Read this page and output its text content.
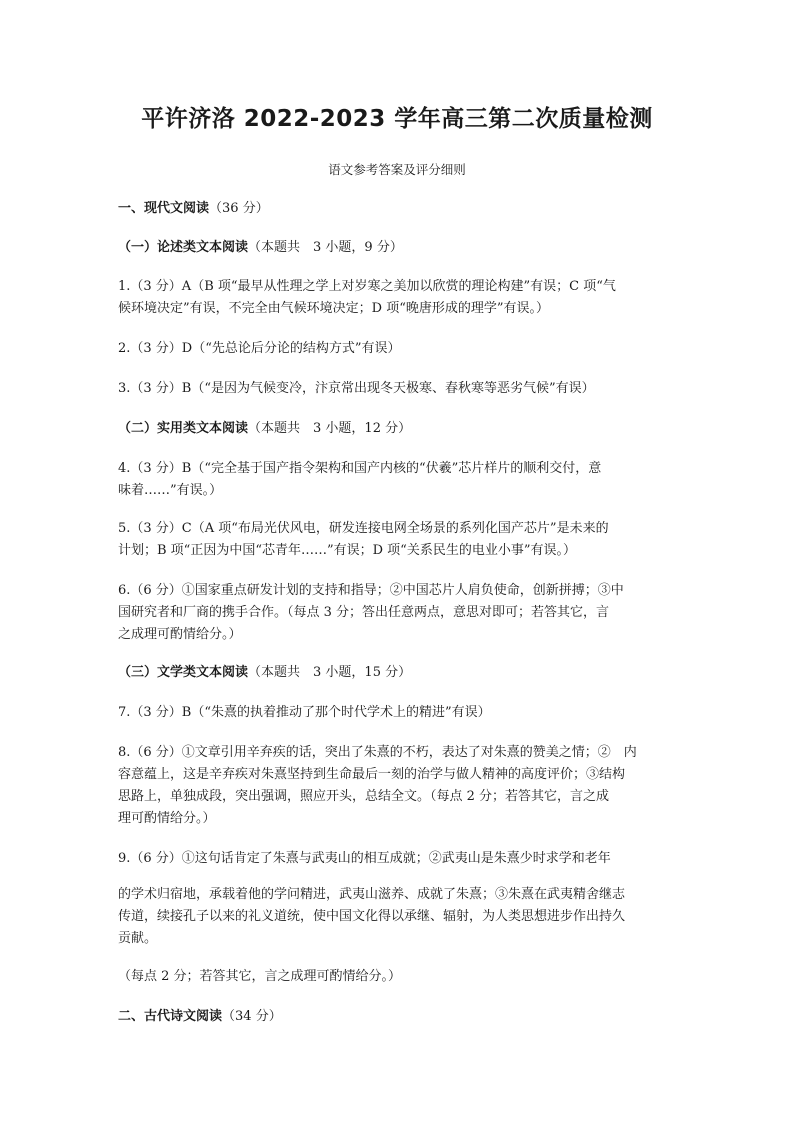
平许济洛 2022-2023 学年高三第二次质量检测
语文参考答案及评分细则
一、现代文阅读（36 分）
（一）论述类文本阅读（本题共　3 小题，9 分）
1.（3 分）A（B 项“最早从性理之学上对岁寒之美加以欣赏的理论构建”有误；C 项“气
候环境决定”有误，不完全由气候环境决定；D 项“晚唐形成的理学”有误。）
2.（3 分）D（“先总论后分论的结构方式”有误）
3.（3 分）B（“是因为气候变冷，汴京常出现冬天极寒、春秋寒等恶劣气候”有误）
（二）实用类文本阅读（本题共　3 小题，12 分）
4.（3 分）B（“完全基于国产指令架构和国产内核的“伏羲”芯片样片的顺利交付，意
味着……”有误。）
5.（3 分）C（A 项“布局光伏风电，研发连接电网全场景的系列化国产芯片”是未来的
计划；B 项“正因为中国“芯青年……”有误；D 项“关系民生的电业小事”有误。）
6.（6 分）①国家重点研发计划的支持和指导；②中国芯片人肩负使命，创新拼搏；③中
国研究者和厂商的携手合作。（每点 3 分；答出任意两点，意思对即可；若答其它，言
之成理可酌情给分。）
（三）文学类文本阅读（本题共　3 小题，15 分）
7.（3 分）B（“朱熹的执着推动了那个时代学术上的精进”有误）
8.（6 分）①文章引用辛弃疾的话，突出了朱熹的不朽，表达了对朱熹的赞美之情；②　内
容意蕴上，这是辛弃疾对朱熹坚持到生命最后一刻的治学与做人精神的高度评价；③结构
思路上，单独成段，突出强调，照应开头，总结全文。（每点 2 分；若答其它，言之成
理可酌情给分。）
9.（6 分）①这句话肯定了朱熹与武夷山的相互成就；②武夷山是朱熹少时求学和老年
的学术归宿地，承载着他的学问精进，武夷山滋养、成就了朱熹；③朱熹在武夷精舍继志
传道，续接孔子以来的礼义道统，使中国文化得以承继、辐射，为人类思想进步作出持久
贡献。
（每点 2 分；若答其它，言之成理可酌情给分。）
二、古代诗文阅读（34 分）
